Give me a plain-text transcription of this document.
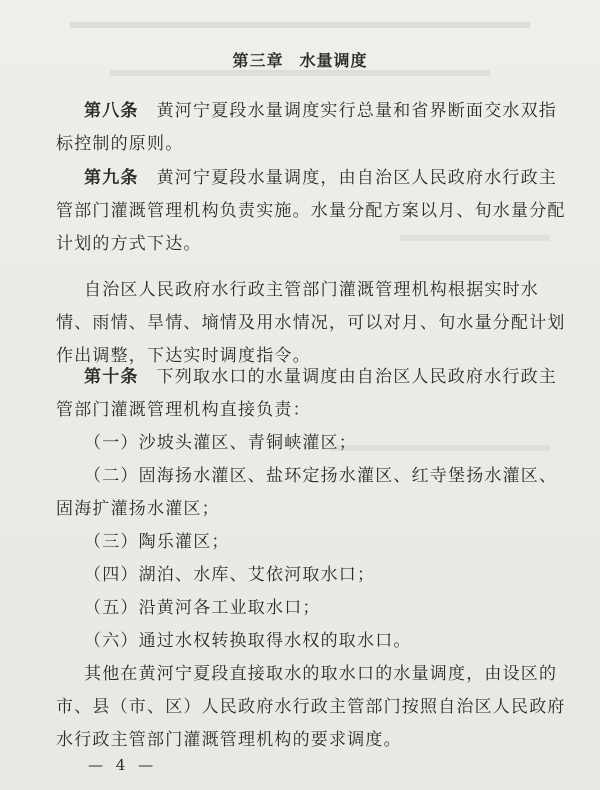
第三章 水量调度
第八条 黄河宁夏段水量调度实行总量和省界断面交水双指
标控制的原则。
第九条 黄河宁夏段水量调度，由自治区人民政府水行政主
管部门灌溉管理机构负责实施。水量分配方案以月、旬水量分配
计划的方式下达。
自治区人民政府水行政主管部门灌溉管理机构根据实时水
情、雨情、旱情、墒情及用水情况，可以对月、旬水量分配计划
作出调整，下达实时调度指令。
第十条 下列取水口的水量调度由自治区人民政府水行政主
管部门灌溉管理机构直接负责：
（一）沙坡头灌区、青铜峡灌区；
（二）固海扬水灌区、盐环定扬水灌区、红寺堡扬水灌区、
固海扩灌扬水灌区；
（三）陶乐灌区；
（四）湖泊、水库、艾依河取水口；
（五）沿黄河各工业取水口；
（六）通过水权转换取得水权的取水口。
其他在黄河宁夏段直接取水的取水口的水量调度，由设区的
市、县（市、区）人民政府水行政主管部门按照自治区人民政府
水行政主管部门灌溉管理机构的要求调度。
— 4 —
